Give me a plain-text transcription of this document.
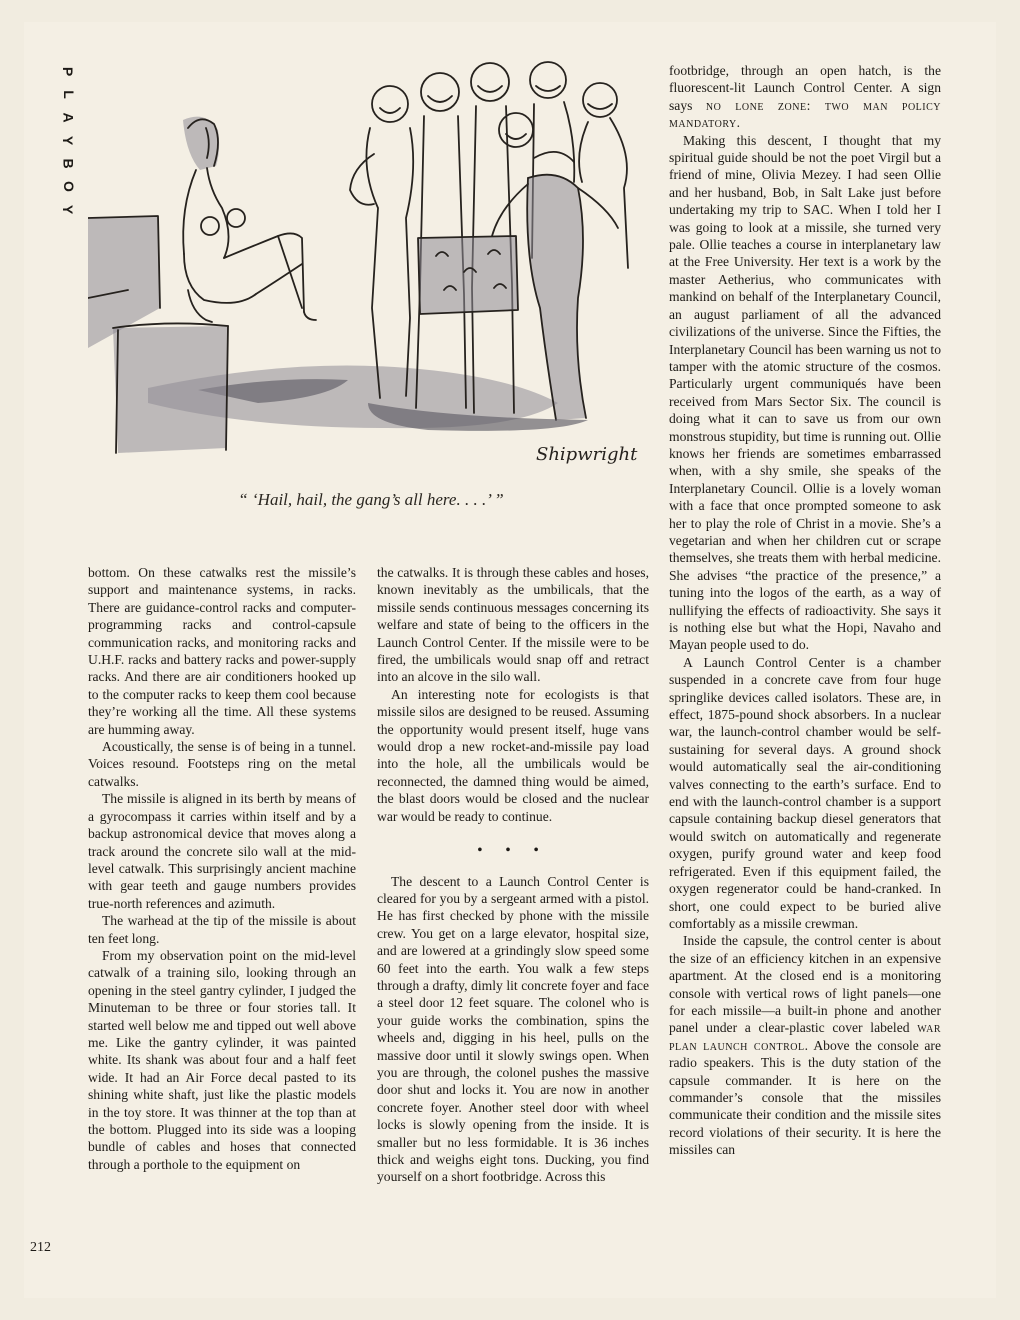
P
L
A
Y
B
O
Y
Shipwright
“ ‘Hail, hail, the gang’s all here. . . .’ ”

bottom. On these catwalks rest the missile’s support and maintenance systems, in racks. There are guidance-control racks and computer-programming racks and control-capsule communication racks, and monitoring racks and U.H.F. racks and battery racks and power-supply racks. And there are air conditioners hooked up to the computer racks to keep them cool because they’re working all the time. All these systems are humming away.

Acoustically, the sense is of being in a tunnel. Voices resound. Footsteps ring on the metal catwalks.

The missile is aligned in its berth by means of a gyrocompass it carries within itself and by a backup astronomical device that moves along a track around the concrete silo wall at the mid-level catwalk. This surprisingly ancient machine with gear teeth and gauge numbers provides true-north references and azimuth.

The warhead at the tip of the missile is about ten feet long.

From my observation point on the mid-level catwalk of a training silo, looking through an opening in the steel gantry cylinder, I judged the Minuteman to be three or four stories tall. It started well below me and tipped out well above me. Like the gantry cylinder, it was painted white. Its shank was about four and a half feet wide. It had an Air Force decal pasted to its shining white shaft, just like the plastic models in the toy store. It was thinner at the top than at the bottom. Plugged into its side was a looping bundle of cables and hoses that connected through a porthole to the equipment on

the catwalks. It is through these cables and hoses, known inevitably as the umbilicals, that the missile sends continuous messages concerning its welfare and state of being to the officers in the Launch Control Center. If the missile were to be fired, the umbilicals would snap off and retract into an alcove in the silo wall.

An interesting note for ecologists is that missile silos are designed to be reused. Assuming the opportunity would present itself, huge vans would drop a new rocket-and-missile pay load into the hole, all the umbilicals would be reconnected, the damned thing would be aimed, the blast doors would be closed and the nuclear war would be ready to continue.

• • •

The descent to a Launch Control Center is cleared for you by a sergeant armed with a pistol. He has first checked by phone with the missile crew. You get on a large elevator, hospital size, and are lowered at a grindingly slow speed some 60 feet into the earth. You walk a few steps through a drafty, dimly lit concrete foyer and face a steel door 12 feet square. The colonel who is your guide works the combination, spins the wheels and, digging in his heel, pulls on the massive door until it slowly swings open. When you are through, the colonel pushes the massive door shut and locks it. You are now in another concrete foyer. Another steel door with wheel locks is slowly opening from the inside. It is smaller but no less formidable. It is 36 inches thick and weighs eight tons. Ducking, you find yourself on a short footbridge. Across this

footbridge, through an open hatch, is the fluorescent-lit Launch Control Center. A sign says no lone zone: two man policy mandatory.

Making this descent, I thought that my spiritual guide should be not the poet Virgil but a friend of mine, Olivia Mezey. I had seen Ollie and her husband, Bob, in Salt Lake just before undertaking my trip to SAC. When I told her I was going to look at a missile, she turned very pale. Ollie teaches a course in interplanetary law at the Free University. Her text is a work by the master Aetherius, who communicates with mankind on behalf of the Interplanetary Council, an august parliament of all the advanced civilizations of the universe. Since the Fifties, the Interplanetary Council has been warning us not to tamper with the atomic structure of the cosmos. Particularly urgent communiqués have been received from Mars Sector Six. The council is doing what it can to save us from our own monstrous stupidity, but time is running out. Ollie knows her friends are sometimes embarrassed when, with a shy smile, she speaks of the Interplanetary Council. Ollie is a lovely woman with a face that once prompted someone to ask her to play the role of Christ in a movie. She’s a vegetarian and when her children cut or scrape themselves, she treats them with herbal medicine. She advises “the practice of the presence,” a tuning into the logos of the earth, as a way of nullifying the effects of radioactivity. She says it is nothing else but what the Hopi, Navaho and Mayan people used to do.

A Launch Control Center is a chamber suspended in a concrete cave from four huge springlike devices called isolators. These are, in effect, 1875-pound shock absorbers. In a nuclear war, the launch-control chamber would be self-sustaining for several days. A ground shock would automatically seal the air-conditioning valves connecting to the earth’s surface. End to end with the launch-control chamber is a support capsule containing backup diesel generators that would switch on automatically and regenerate oxygen, purify ground water and keep food refrigerated. Even if this equipment failed, the oxygen regenerator could be hand-cranked. In short, one could expect to be buried alive comfortably as a missile crewman.

Inside the capsule, the control center is about the size of an efficiency kitchen in an expensive apartment. At the closed end is a monitoring console with vertical rows of light panels—one for each missile—a built-in phone and another panel under a clear-plastic cover labeled war plan launch control. Above the console are radio speakers. This is the duty station of the capsule commander. It is here on the commander’s console that the missiles communicate their condition and the missile sites record violations of their security. It is here the missiles can

212
